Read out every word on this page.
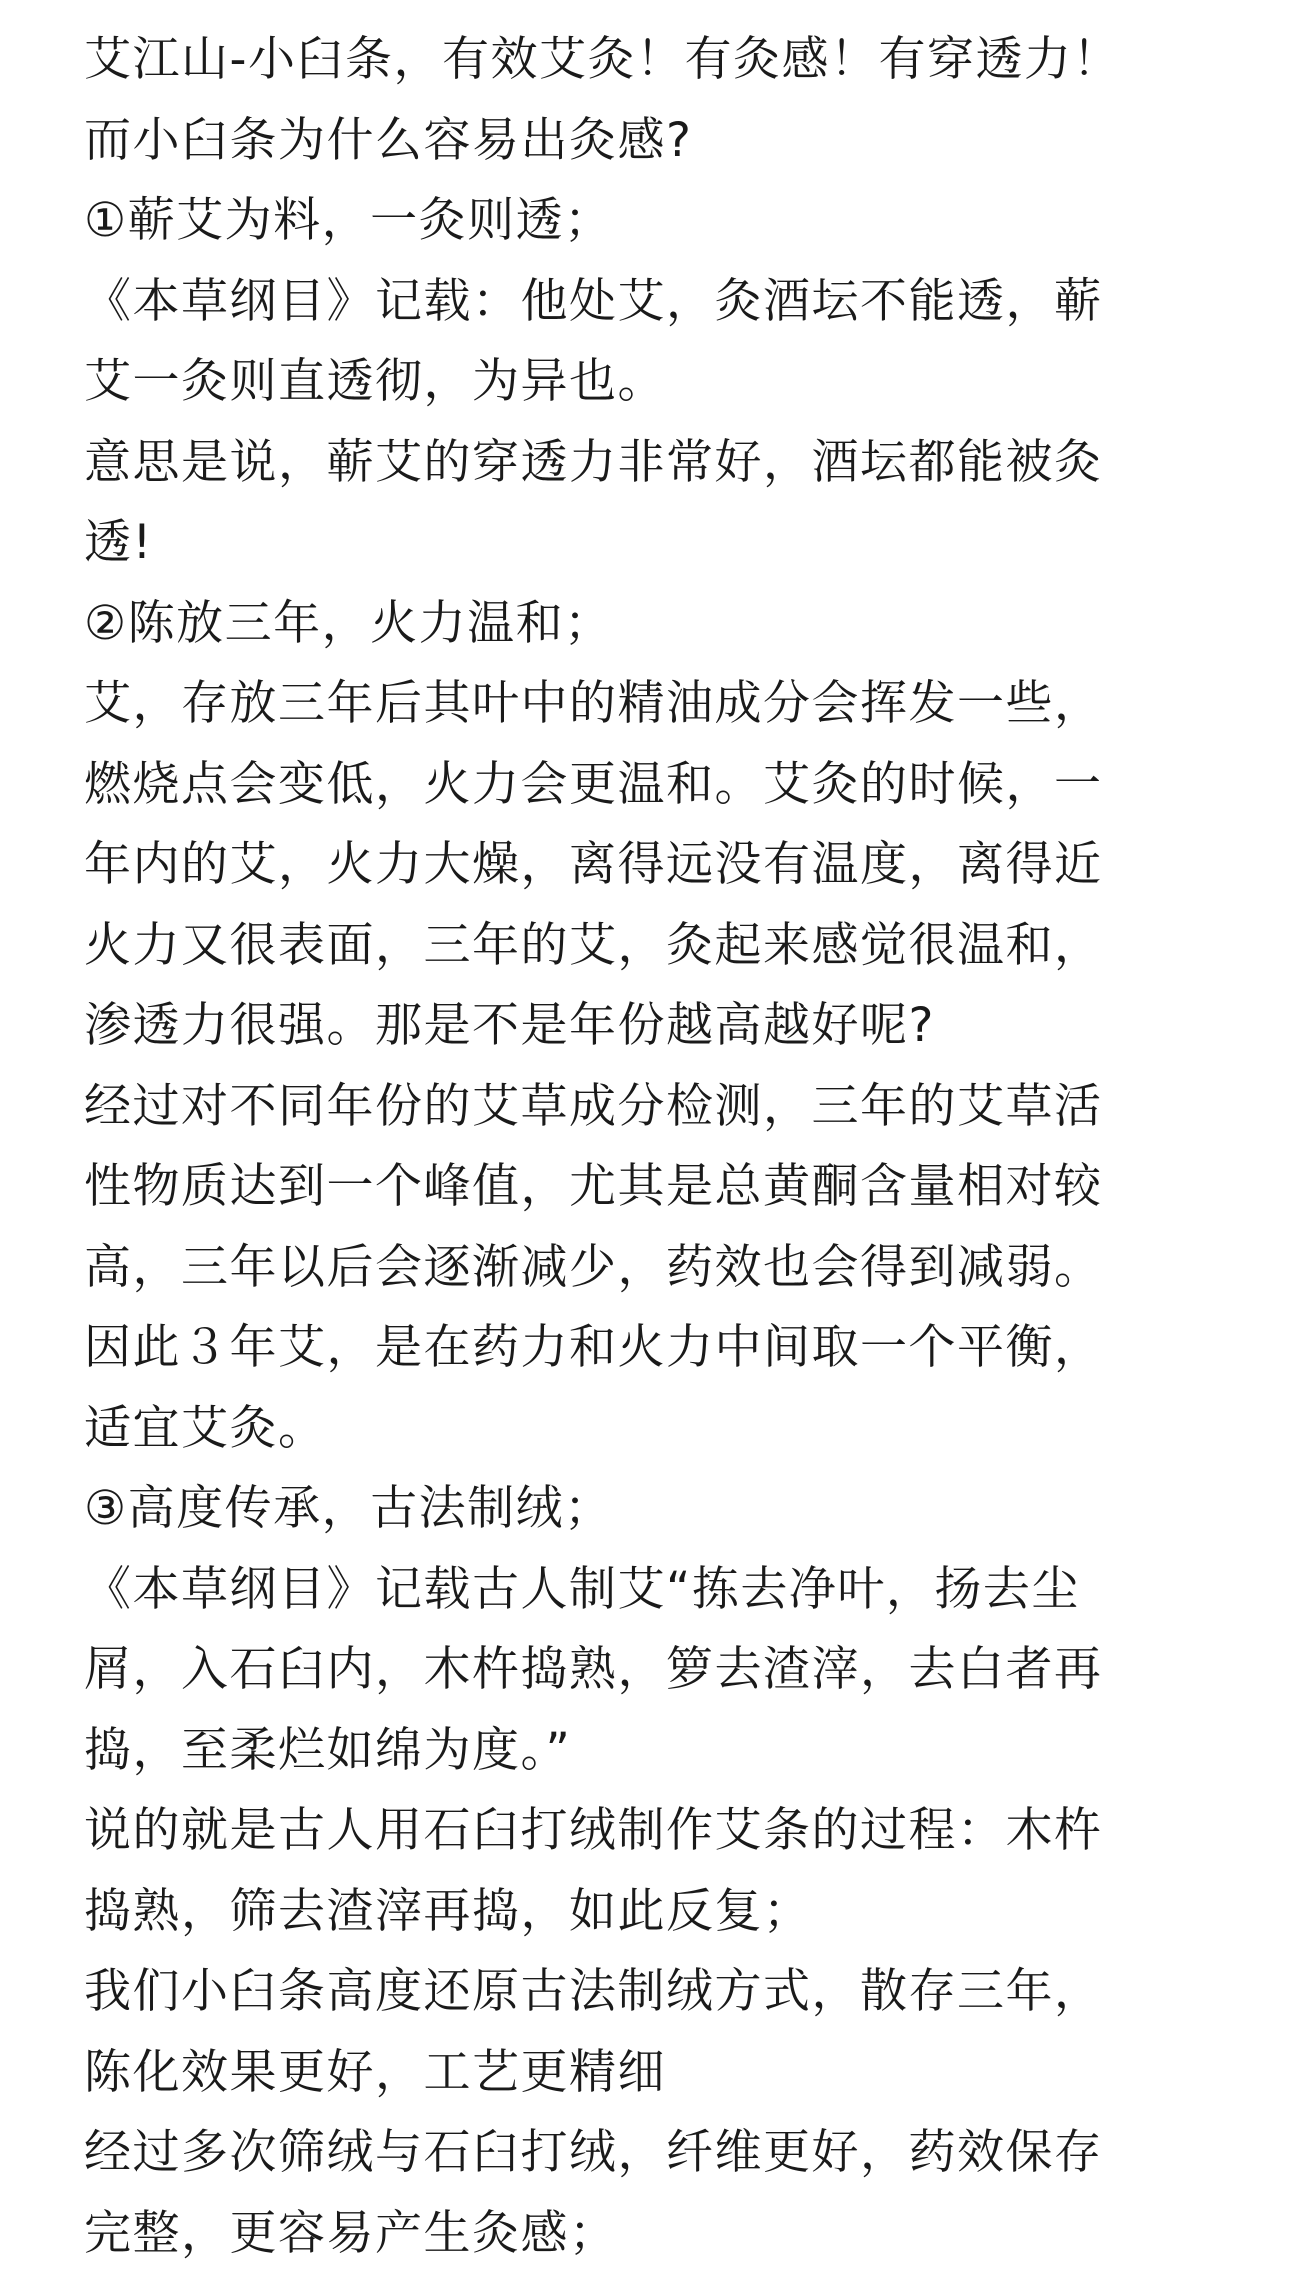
艾江山-小臼条，有效艾灸！有灸感！有穿透力！

而小臼条为什么容易出灸感?

①蕲艾为料，一灸则透；

《本草纲目》记载：他处艾，灸酒坛不能透，蕲

艾一灸则直透彻，为异也。

意思是说，蕲艾的穿透力非常好，酒坛都能被灸

透!

②陈放三年，火力温和；

艾，存放三年后其叶中的精油成分会挥发一些，

燃烧点会变低，火力会更温和。艾灸的时候，一

年内的艾，火力大燥，离得远没有温度，离得近

火力又很表面，三年的艾，灸起来感觉很温和，

渗透力很强。那是不是年份越高越好呢?

经过对不同年份的艾草成分检测，三年的艾草活

性物质达到一个峰值，尤其是总黄酮含量相对较

高，三年以后会逐渐减少，药效也会得到减弱。

因此３年艾，是在药力和火力中间取一个平衡，

适宜艾灸。

③高度传承，古法制绒；

《本草纲目》记载古人制艾“拣去净叶，扬去尘

屑，入石臼内，木杵捣熟，箩去渣滓，去白者再

捣，至柔烂如绵为度。”

说的就是古人用石臼打绒制作艾条的过程：木杵

捣熟，筛去渣滓再捣，如此反复；

我们小臼条高度还原古法制绒方式，散存三年，

陈化效果更好，工艺更精细

经过多次筛绒与石臼打绒，纤维更好，药效保存

完整，更容易产生灸感；
